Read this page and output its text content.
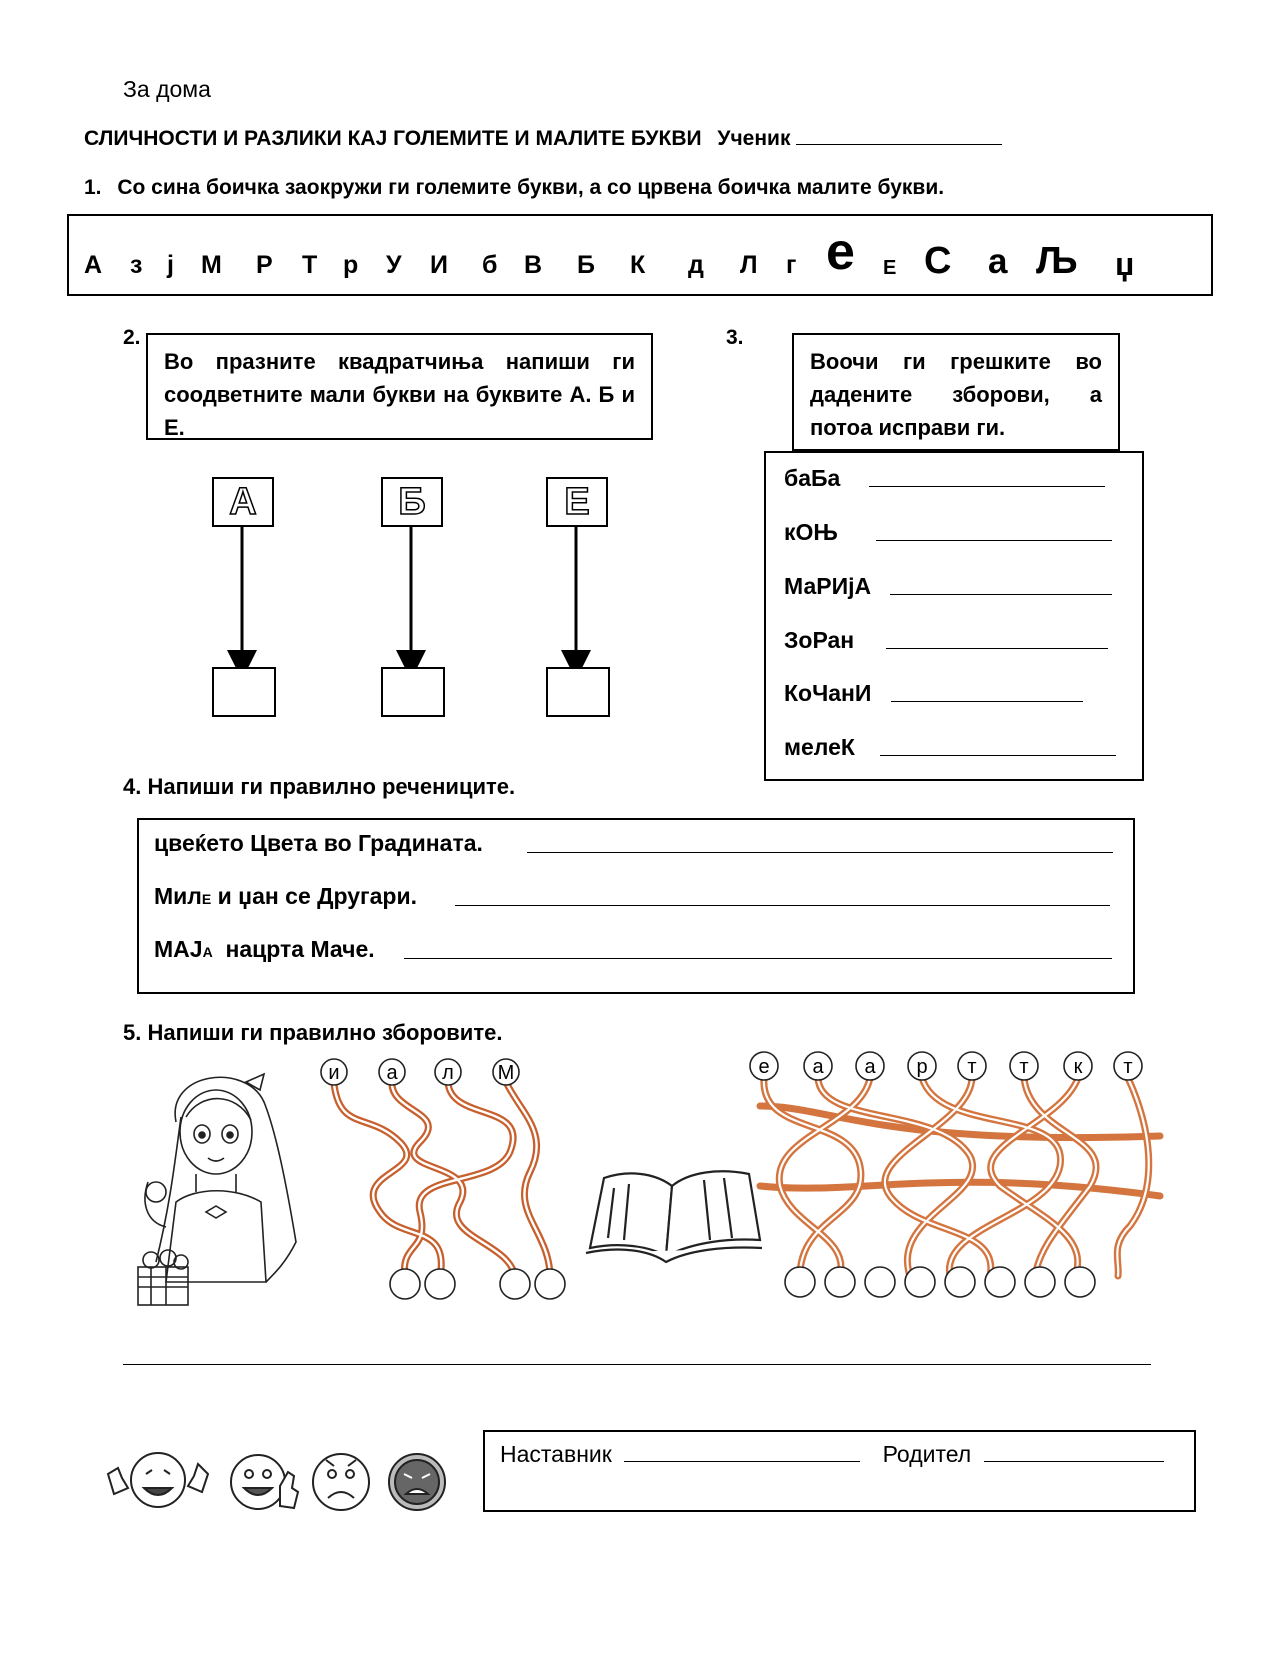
За дома
СЛИЧНОСТИ И РАЗЛИКИ КАЈ ГОЛЕМИТЕ И МАЛИТЕ БУКВИ Ученик
1. Со сина боичка заокружи ги големите букви, а со црвена боичка малите букви.
А з ј М Р Т р У И б В Б К д Л г е Е С а Љ џ
2.
Во празните квадратчиња напиши ги соодветните мали букви на буквите А. Б и Е.
А	Б	Е
3.
Воочи ги грешките во дадените зборови, а потоа исправи ги.
баБа
кОЊ
МаРИјА
ЗоРан
КоЧанИ
мелеК
4. Напиши ги правилно речениците.
цвеќето Цвета во Градината.
МилЕ и џан се Другари.
МАЈА  нацрта Маче.
5. Напиши ги правилно зборовите.
и а л М	е а а р т т к т
Наставник	Родител
